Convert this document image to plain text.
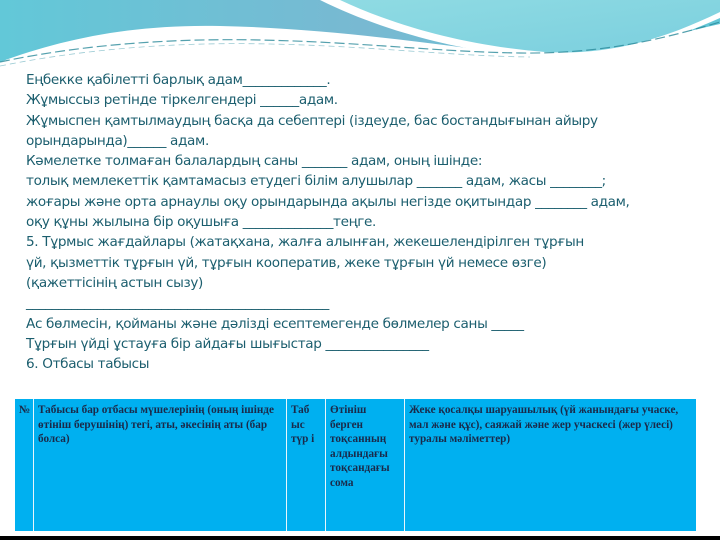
Еңбекке қабілетті барлық адам_____________.
Жұмыссыз ретінде тіркелгендері ______адам.
Жұмыспен қамтылмаудың басқа да себептері (іздеуде, бас бостандығынан айыру
орындарында)______ адам.
Кәмелетке толмаған балалардың саны _______ адам, оның ішінде:
толық мемлекеттік қамтамасыз етудегі білім алушылар _______ адам, жасы ________;
жоғары және орта арнаулы оқу орындарында ақылы негізде оқитындар ________ адам,
оқу құны жылына бір оқушыға ______________теңге.
5. Тұрмыс жағдайлары (жатақхана, жалға алынған, жекешелендірілген тұрғын
үй, қызметтік тұрғын үй, тұрғын кооператив, жеке тұрғын үй немесе өзге)
(қажеттісінің астын сызу)
_______________________________________________
Ас бөлмесін, қойманы және дәлізді есептемегенде бөлмелер саны _____
Тұрғын үйді ұстауға бір айдағы шығыстар ________________
6. Отбасы табысы
№	Табысы бар отбасы мүшелерінің (оның ішінде өтініш берушінің) тегі, аты, әкесінің аты (бар болса)	Таб ыс түр і	Өтініш берген тоқсанның алдындағы тоқсандағы сома	Жеке қосалқы шаруашылық (үй жанындағы учаске, мал және құс), саяжай және жер учаскесі (жер үлесі) туралы мәліметтер)
